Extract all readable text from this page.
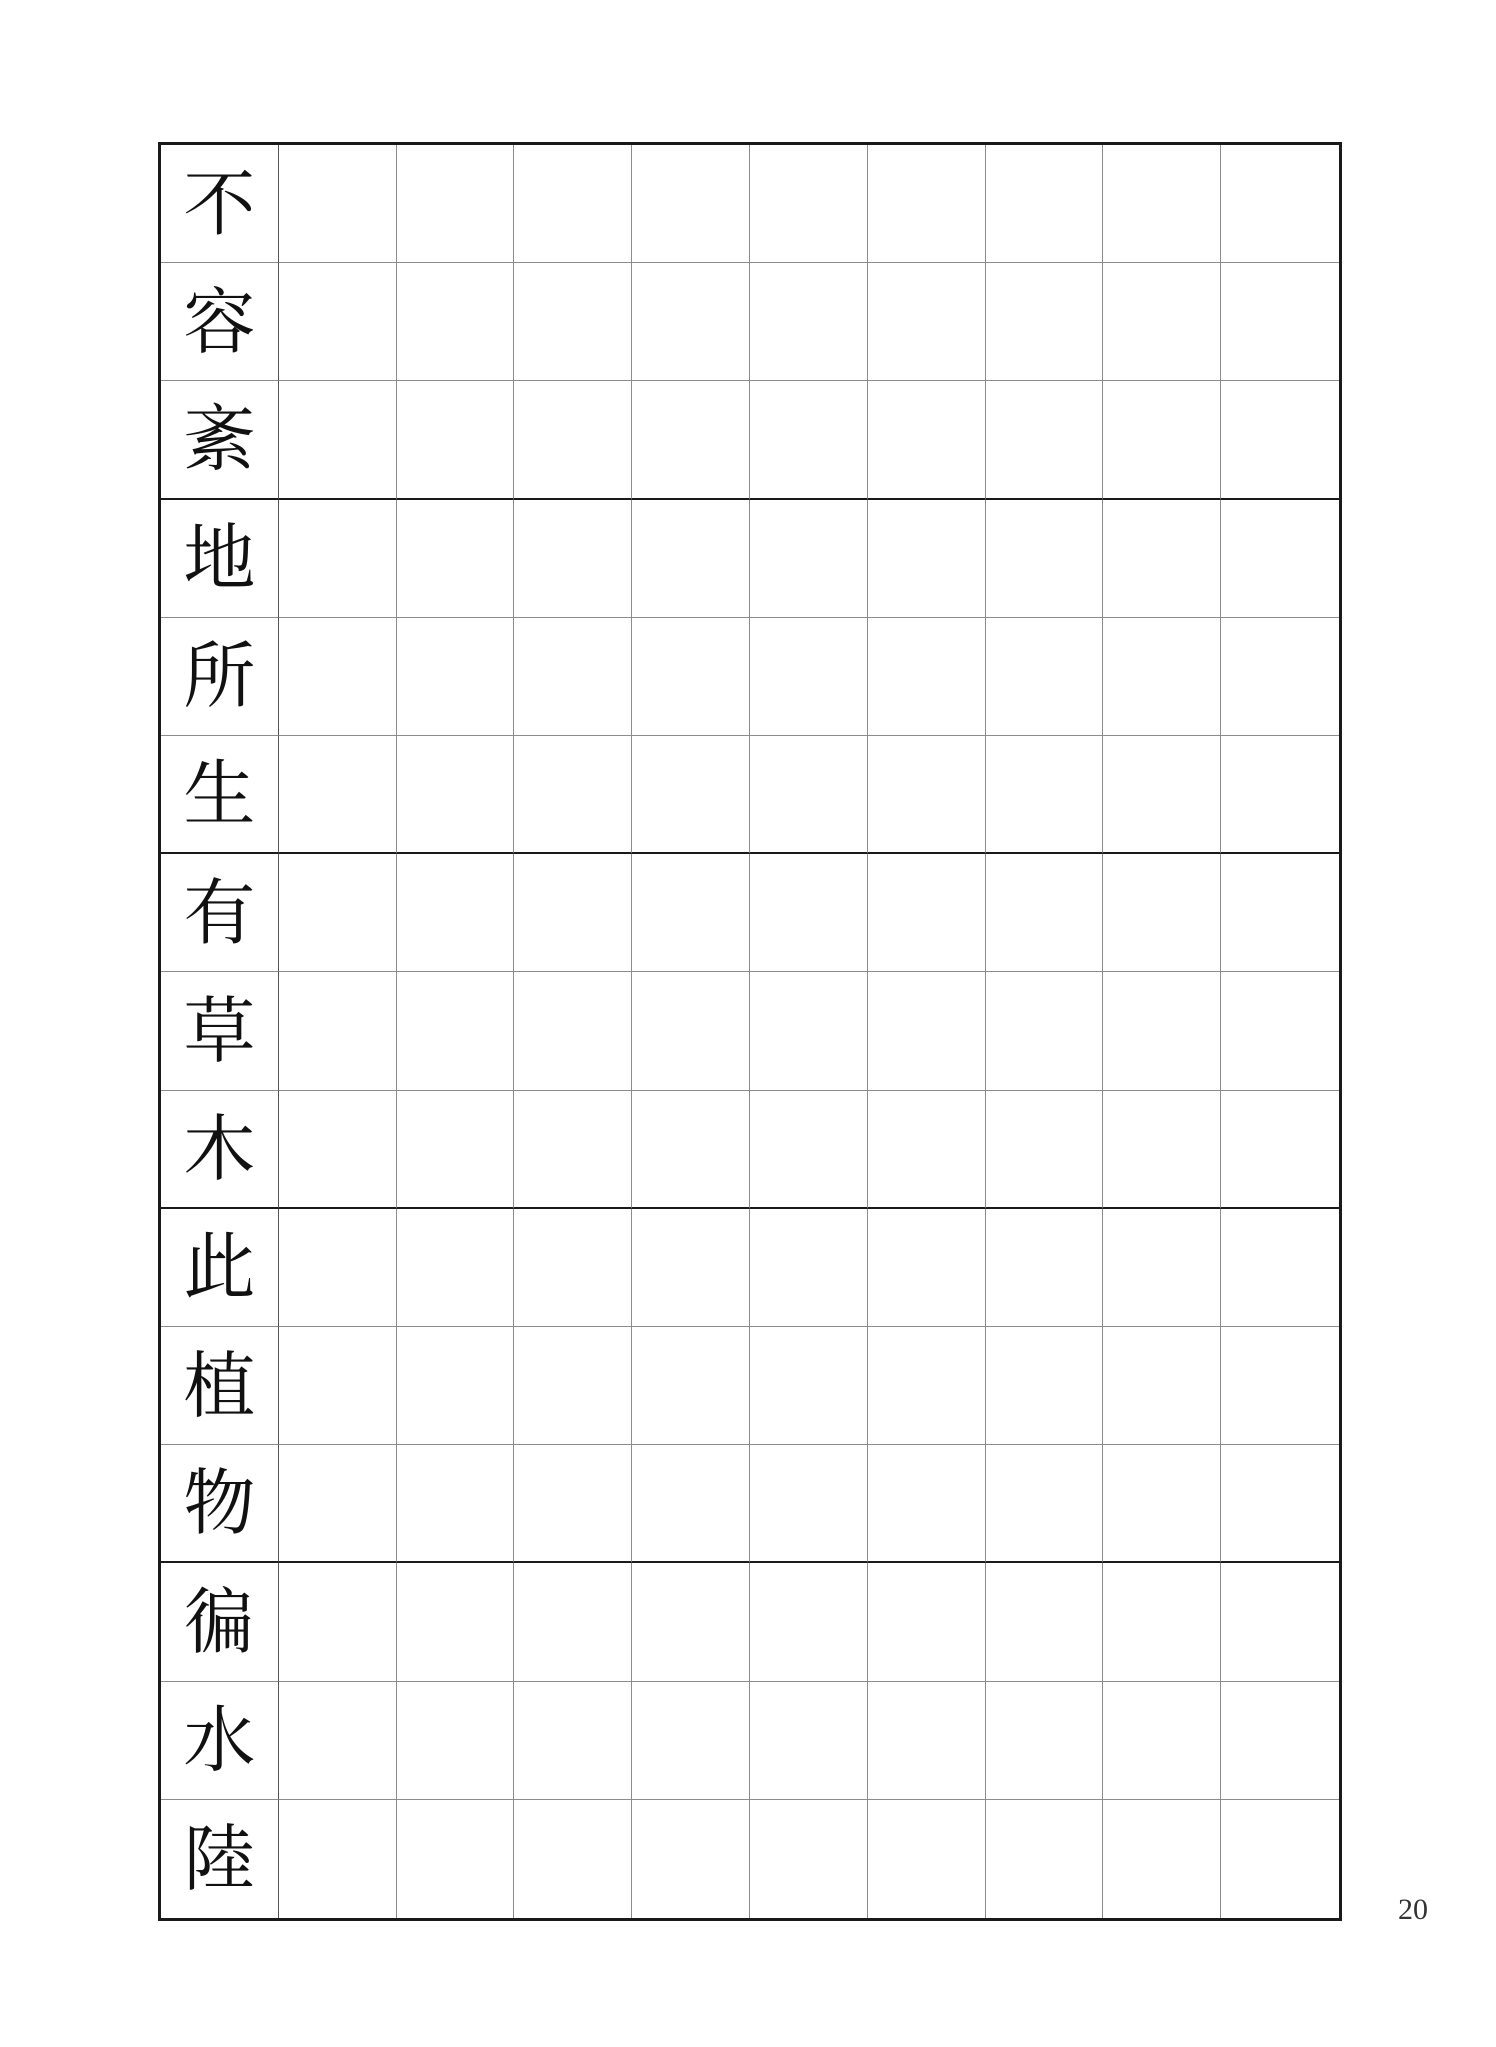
不
容
紊
地
所
生
有
草
木
此
植
物
徧
水
陸
20
